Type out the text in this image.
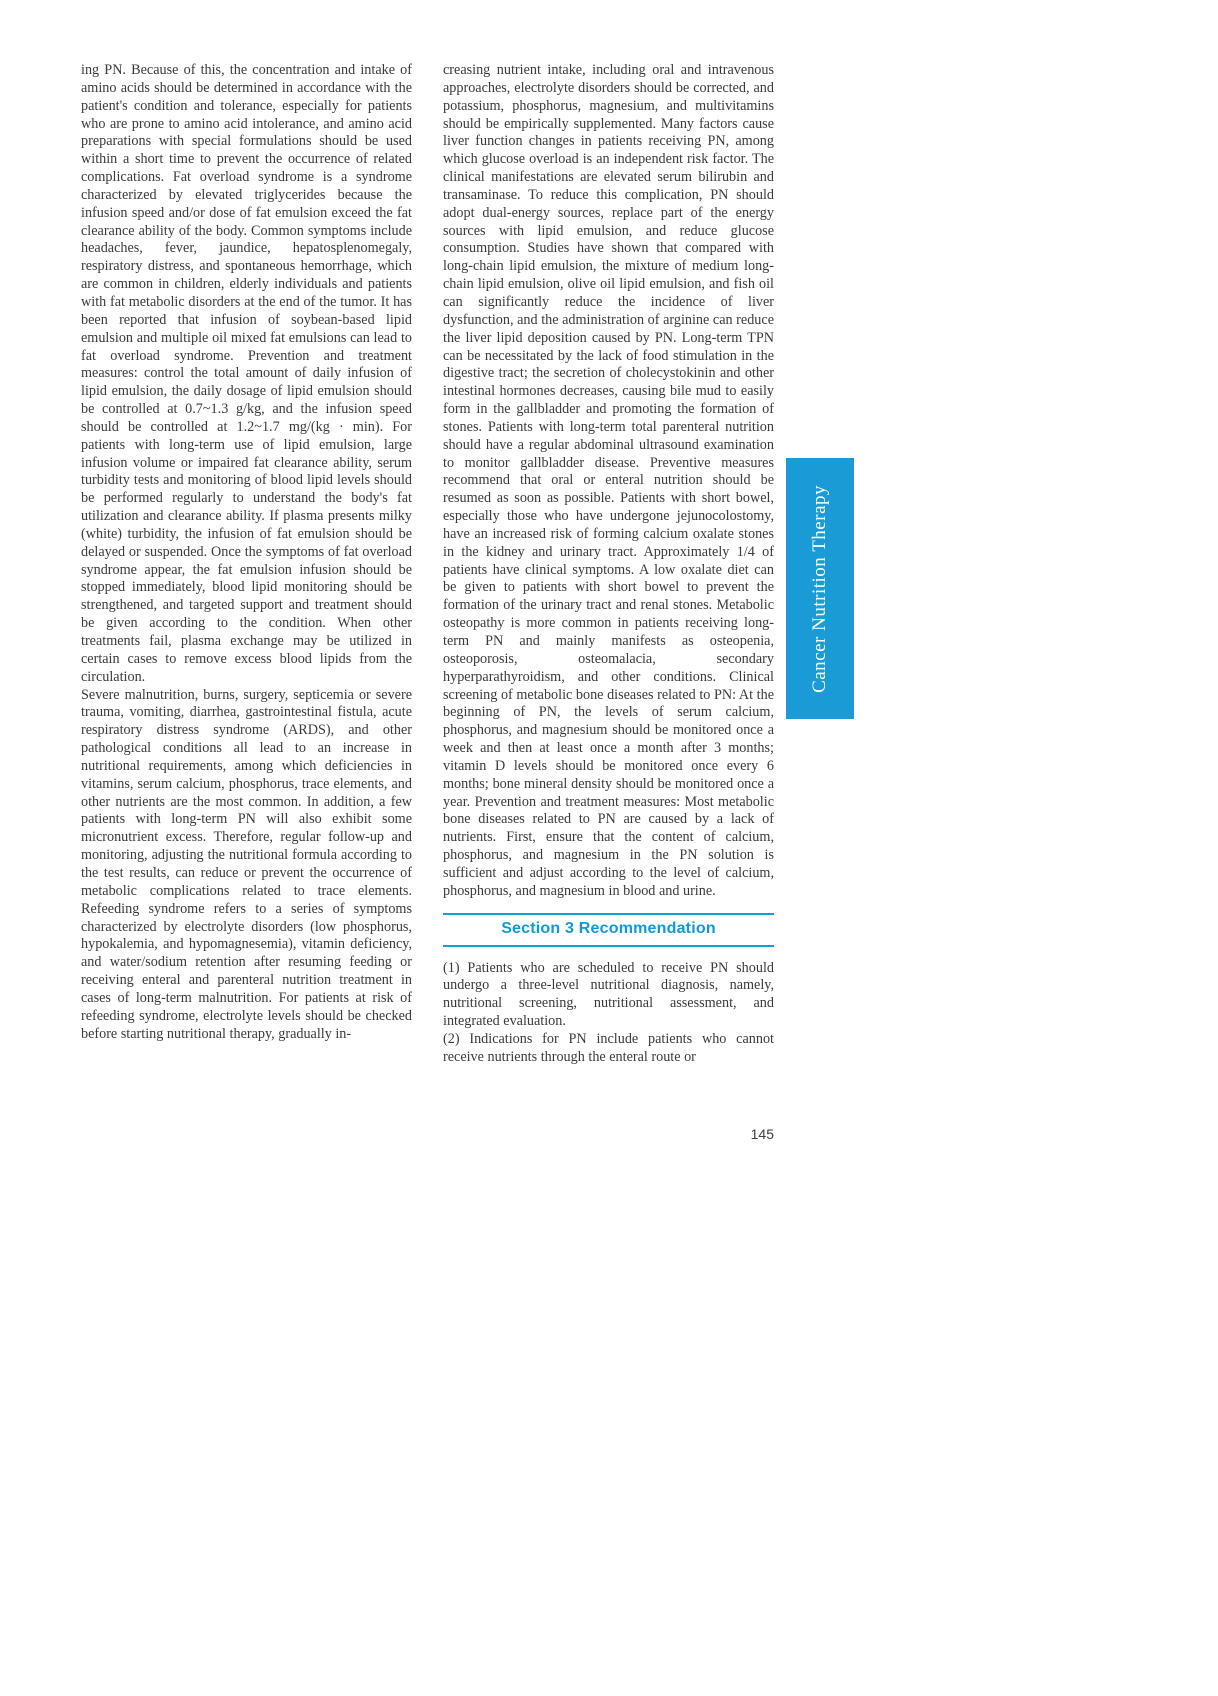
ing PN. Because of this, the concentration and intake of amino acids should be determined in accordance with the patient's condition and tolerance, especially for patients who are prone to amino acid intolerance, and amino acid preparations with special formulations should be used within a short time to prevent the occurrence of related complications. Fat overload syndrome is a syndrome characterized by elevated triglycerides because the infusion speed and/or dose of fat emulsion exceed the fat clearance ability of the body. Common symptoms include headaches, fever, jaundice, hepatosplenomegaly, respiratory distress, and spontaneous hemorrhage, which are common in children, elderly individuals and patients with fat metabolic disorders at the end of the tumor. It has been reported that infusion of soybean-based lipid emulsion and multiple oil mixed fat emulsions can lead to fat overload syndrome. Prevention and treatment measures: control the total amount of daily infusion of lipid emulsion, the daily dosage of lipid emulsion should be controlled at 0.7~1.3 g/kg, and the infusion speed should be controlled at 1.2~1.7 mg/(kg · min). For patients with long-term use of lipid emulsion, large infusion volume or impaired fat clearance ability, serum turbidity tests and monitoring of blood lipid levels should be performed regularly to understand the body's fat utilization and clearance ability. If plasma presents milky (white) turbidity, the infusion of fat emulsion should be delayed or suspended. Once the symptoms of fat overload syndrome appear, the fat emulsion infusion should be stopped immediately, blood lipid monitoring should be strengthened, and targeted support and treatment should be given according to the condition. When other treatments fail, plasma exchange may be utilized in certain cases to remove excess blood lipids from the circulation.

Severe malnutrition, burns, surgery, septicemia or severe trauma, vomiting, diarrhea, gastrointestinal fistula, acute respiratory distress syndrome (ARDS), and other pathological conditions all lead to an increase in nutritional requirements, among which deficiencies in vitamins, serum calcium, phosphorus, trace elements, and other nutrients are the most common. In addition, a few patients with long-term PN will also exhibit some micronutrient excess. Therefore, regular follow-up and monitoring, adjusting the nutritional formula according to the test results, can reduce or prevent the occurrence of metabolic complications related to trace elements. Refeeding syndrome refers to a series of symptoms characterized by electrolyte disorders (low phosphorus, hypokalemia, and hypomagnesemia), vitamin deficiency, and water/sodium retention after resuming feeding or receiving enteral and parenteral nutrition treatment in cases of long-term malnutrition. For patients at risk of refeeding syndrome, electrolyte levels should be checked before starting nutritional therapy, gradually in-

creasing nutrient intake, including oral and intravenous approaches, electrolyte disorders should be corrected, and potassium, phosphorus, magnesium, and multivitamins should be empirically supplemented. Many factors cause liver function changes in patients receiving PN, among which glucose overload is an independent risk factor. The clinical manifestations are elevated serum bilirubin and transaminase. To reduce this complication, PN should adopt dual-energy sources, replace part of the energy sources with lipid emulsion, and reduce glucose consumption. Studies have shown that compared with long-chain lipid emulsion, the mixture of medium long-chain lipid emulsion, olive oil lipid emulsion, and fish oil can significantly reduce the incidence of liver dysfunction, and the administration of arginine can reduce the liver lipid deposition caused by PN. Long-term TPN can be necessitated by the lack of food stimulation in the digestive tract; the secretion of cholecystokinin and other intestinal hormones decreases, causing bile mud to easily form in the gallbladder and promoting the formation of stones. Patients with long-term total parenteral nutrition should have a regular abdominal ultrasound examination to monitor gallbladder disease. Preventive measures recommend that oral or enteral nutrition should be resumed as soon as possible. Patients with short bowel, especially those who have undergone jejunocolostomy, have an increased risk of forming calcium oxalate stones in the kidney and urinary tract. Approximately 1/4 of patients have clinical symptoms. A low oxalate diet can be given to patients with short bowel to prevent the formation of the urinary tract and renal stones. Metabolic osteopathy is more common in patients receiving long-term PN and mainly manifests as osteopenia, osteoporosis, osteomalacia, secondary hyperparathyroidism, and other conditions. Clinical screening of metabolic bone diseases related to PN: At the beginning of PN, the levels of serum calcium, phosphorus, and magnesium should be monitored once a week and then at least once a month after 3 months; vitamin D levels should be monitored once every 6 months; bone mineral density should be monitored once a year. Prevention and treatment measures: Most metabolic bone diseases related to PN are caused by a lack of nutrients. First, ensure that the content of calcium, phosphorus, and magnesium in the PN solution is sufficient and adjust according to the level of calcium, phosphorus, and magnesium in blood and urine.

Section 3 Recommendation

(1) Patients who are scheduled to receive PN should undergo a three-level nutritional diagnosis, namely, nutritional screening, nutritional assessment, and integrated evaluation.

(2) Indications for PN include patients who cannot receive nutrients through the enteral route or

Cancer Nutrition Therapy
145
